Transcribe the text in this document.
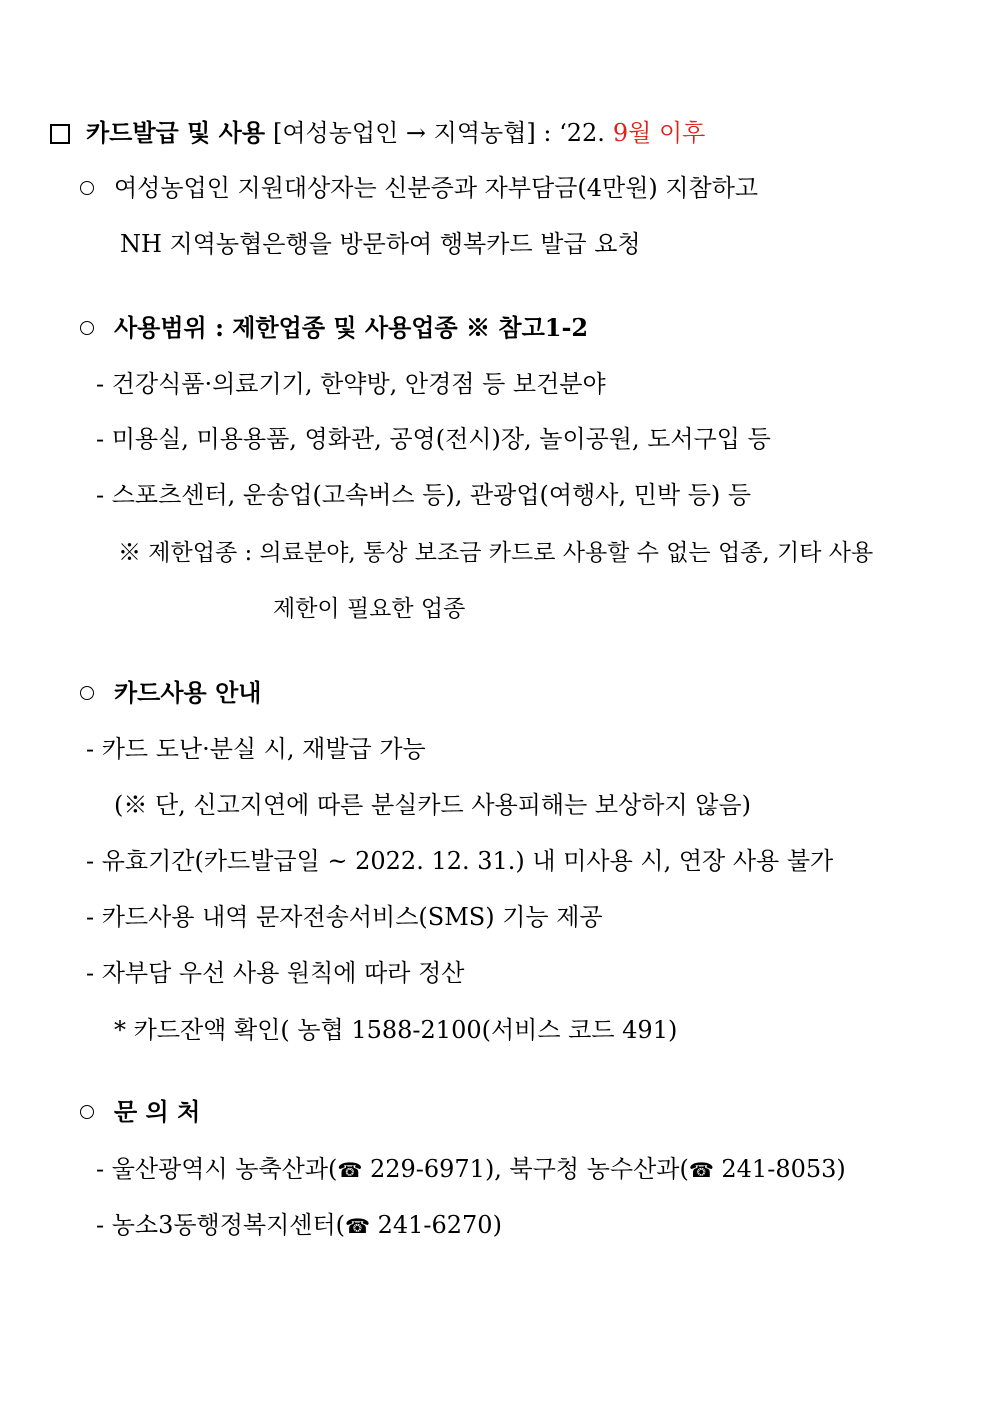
카드발급 및 사용 [여성농업인 → 지역농협] : ‘22. 9월 이후
여성농업인 지원대상자는 신분증과 자부담금(4만원) 지참하고
NH 지역농협은행을 방문하여 행복카드 발급 요청
사용범위 : 제한업종 및 사용업종 ※ 참고1-2
- 건강식품·의료기기, 한약방, 안경점 등 보건분야
- 미용실, 미용용품, 영화관, 공영(전시)장, 놀이공원, 도서구입 등
- 스포츠센터, 운송업(고속버스 등), 관광업(여행사, 민박 등) 등
※ 제한업종 : 의료분야, 통상 보조금 카드로 사용할 수 없는 업종, 기타 사용
제한이 필요한 업종
카드사용 안내
- 카드 도난·분실 시, 재발급 가능
(※ 단, 신고지연에 따른 분실카드 사용피해는 보상하지 않음)
- 유효기간(카드발급일 ~ 2022. 12. 31.) 내 미사용 시, 연장 사용 불가
- 카드사용 내역 문자전송서비스(SMS) 기능 제공
- 자부담 우선 사용 원칙에 따라 정산
* 카드잔액 확인( 농협 1588-2100(서비스 코드 491)
문 의 처
- 울산광역시 농축산과(☎ 229-6971), 북구청 농수산과(☎ 241-8053)
- 농소3동행정복지센터(☎ 241-6270)
